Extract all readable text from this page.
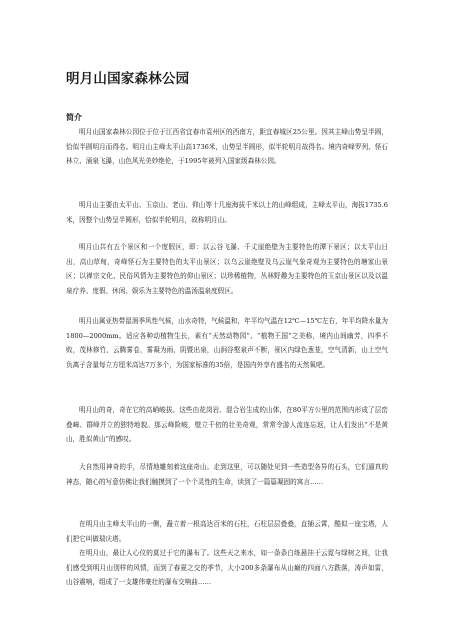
明月山国家森林公园
简介

明月山国家森林公园位于位于江西省宜春市袁州区的西南方，距宜春城区25公里。因其主峰山势呈半圆，恰似半圆明月而得名。明月山主峰太平山高1736米，山势呈半圆形，似半轮明月故得名。境内奇峰罗列、怪石林立、涌泉飞瀑，山色风光美妙绝伦，于1995年被列入国家级森林公园。

明月山主要由太平山、玉京山、老山、仰山等十几座海拔千米以上的山峰组成，主峰太平山，海拔1735.6米，因整个山势呈半圆形，恰似半轮明月，故称明月山。

明月山共有五个景区和一个度假区，即：以云谷飞瀑、千丈崖绝壁为主要特色的潭下景区；以太平山日出，高山草甸，奇峰怪石为主要特色的太平山景区；以乌云崖绝壁及乌云崖气象奇观为主要特色的塘家山景区；以禅宗文化、民俗风情为主要特色的仰山景区；以珍稀植物，丛林野趣为主要特色的玉京山景区以及以温泉疗养、度假、休闲、娱乐为主要特色的温汤温泉度假区。

明月山属亚热带湿润季风性气候，山水奇特，气候温和，年平均气温在12℃—15℃左右，年平均降水量为1800—2000mm。适应各种动植物生长，素有“天然动物园”、“植物王国”之美称，境内山间幽芳，四季不败，茂林修竹，云腾雾卷，雾凝为雨，阴暨出泉，山涧谷壑泉声不断，景区内绿色葱茏，空气清新，山上空气负离子含量每立方厘米高达7万多个，为国家标准的35倍，是国内外享有盛名的天然氧吧。

明月山的奇，奇在它的高峭峻拔。这些由花岗岩、混合岩生成的山体，在80平方公里的范围内形成了层峦叠嶂、群峰并立的独特地貌。那云峰险峻，壁立千仞的壮美奇观，常常令游人流连忘返，让人们发出“不是黄山，胜似黄山”的感叹。

大自然用神奇的手，尽情地雕刻着这座奇山。走到这里，可以随处见到一些造型各异的石头，它们逼真的神态，随心的写意仿佛让我们触摸到了一个个灵性的生命，读到了一篇篇凝固的寓言……

在明月山主峰太平山的一侧，矗立着一根高达百米的石柱，石柱层层叠叠，直插云霄，酷似一座宝塔，人们把它叫做瑞庆塔。

在明月山，最让人心仪的莫过于它的瀑布了。这些天之来水，如一条条白练悬挂于云霓与绿树之间，让我们感受到明月山别样的风情，而到了春夏之交的季节，大小200多条瀑布从山巅的四面八方跌落，涛声如雷，山谷震响，组成了一支雄伟豪壮的瀑布交响曲……
